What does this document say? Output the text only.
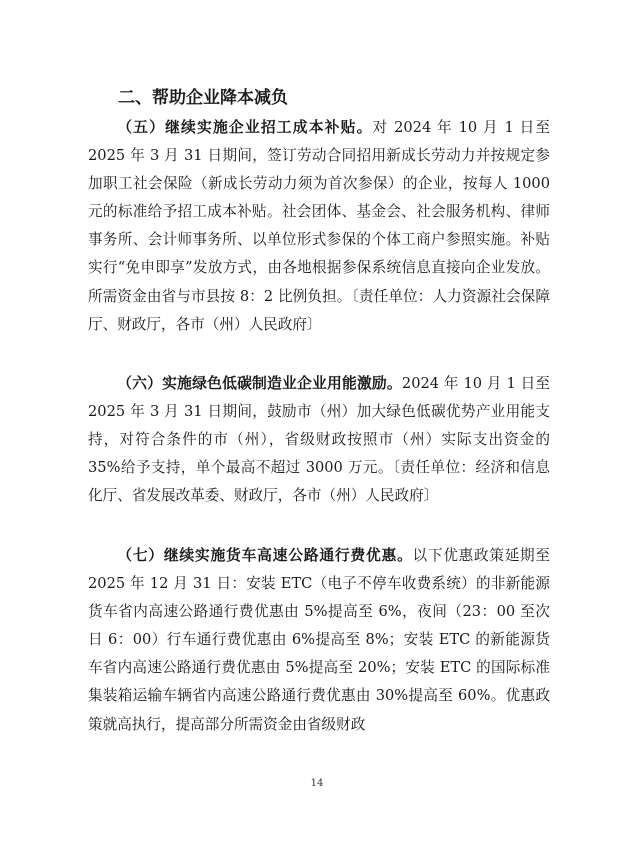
二、帮助企业降本减负

（五）继续实施企业招工成本补贴。对 2024 年 10 月 1 日至 2025 年 3 月 31 日期间，签订劳动合同招用新成长劳动力并按规定参加职工社会保险（新成长劳动力须为首次参保）的企业，按每人 1000 元的标准给予招工成本补贴。社会团体、基金会、社会服务机构、律师事务所、会计师事务所、以单位形式参保的个体工商户参照实施。补贴实行“免申即享”发放方式，由各地根据参保系统信息直接向企业发放。所需资金由省与市县按 8：2 比例负担。〔责任单位：人力资源社会保障厅、财政厅，各市（州）人民政府〕

（六）实施绿色低碳制造业企业用能激励。2024 年 10 月 1 日至 2025 年 3 月 31 日期间，鼓励市（州）加大绿色低碳优势产业用能支持，对符合条件的市（州），省级财政按照市（州）实际支出资金的 35%给予支持，单个最高不超过 3000 万元。〔责任单位：经济和信息化厅、省发展改革委、财政厅，各市（州）人民政府〕

（七）继续实施货车高速公路通行费优惠。以下优惠政策延期至 2025 年 12 月 31 日：安装 ETC（电子不停车收费系统）的非新能源货车省内高速公路通行费优惠由 5%提高至 6%，夜间（23：00 至次日 6：00）行车通行费优惠由 6%提高至 8%；安装 ETC 的新能源货车省内高速公路通行费优惠由 5%提高至 20%；安装 ETC 的国际标准集装箱运输车辆省内高速公路通行费优惠由 30%提高至 60%。优惠政策就高执行，提高部分所需资金由省级财政

14
